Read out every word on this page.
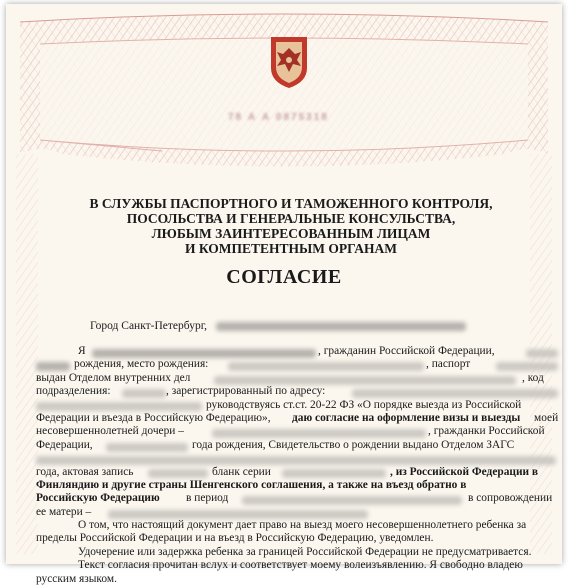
78 А А 0875318
В СЛУЖБЫ ПАСПОРТНОГО И ТАМОЖЕННОГО КОНТРОЛЯ,
ПОСОЛЬСТВА И ГЕНЕРАЛЬНЫЕ КОНСУЛЬСТВА,
ЛЮБЫМ ЗАИНТЕРЕСОВАННЫМ ЛИЦАМ
И КОМПЕТЕНТНЫМ ОРГАНАМ
СОГЛАСИЕ
Город Санкт-Петербург,
Я	, гражданин Российской Федерации,
рождения, место рождения:	, паспорт
выдан Отделом внутренних дел	, код
подразделения:	, зарегистрированный по адресу:
руководствуясь ст.ст. 20-22 ФЗ «О порядке выезда из Российской
Федерации и въезда в Российскую Федерацию», даю согласие на оформление визы и выезды моей
несовершеннолетней дочери –	, гражданки Российской
Федерации,	года рождения, Свидетельство о рождении выдано Отделом ЗАГС
года, актовая запись	бланк серии	, из Российской Федерации в
Финляндию и другие страны Шенгенского соглашения, а также на въезд обратно в
Российскую Федерацию в период	в сопровождении
ее матери –
О том, что настоящий документ дает право на выезд моего несовершеннолетнего ребенка за
пределы Российской Федерации и на въезд в Российскую Федерацию, уведомлен.
Удочерение или задержка ребенка за границей Российской Федерации не предусматривается.
Текст согласия прочитан вслух и соответствует моему волеизъявлению. Я свободно владею
русским языком.
